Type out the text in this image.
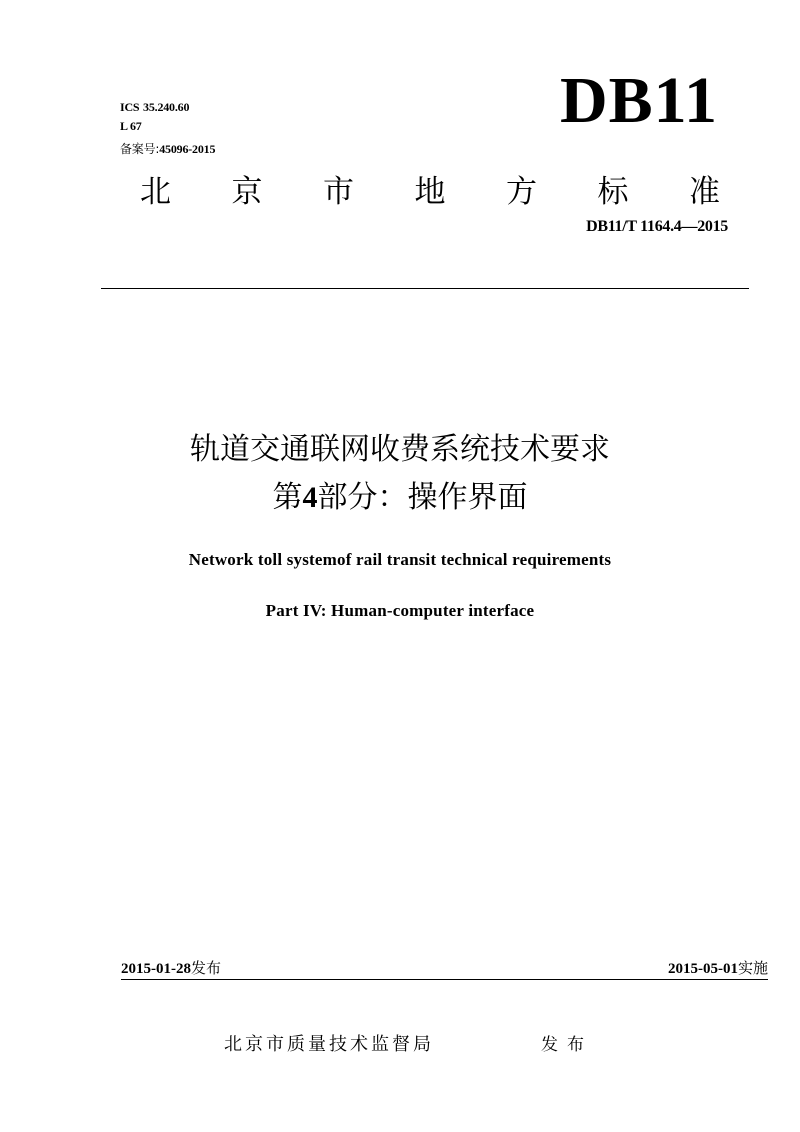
ICS 35.240.60
L 67
备案号:45096-2015
DB11
北 京 市 地 方 标 准
DB11/T 1164.4—2015
轨道交通联网收费系统技术要求
第4部分：操作界面
Network toll systemof rail transit technical requirements
Part IV: Human-computer interface
2015-01-28发布	2015-05-01实施
北京市质量技术监督局	发布
